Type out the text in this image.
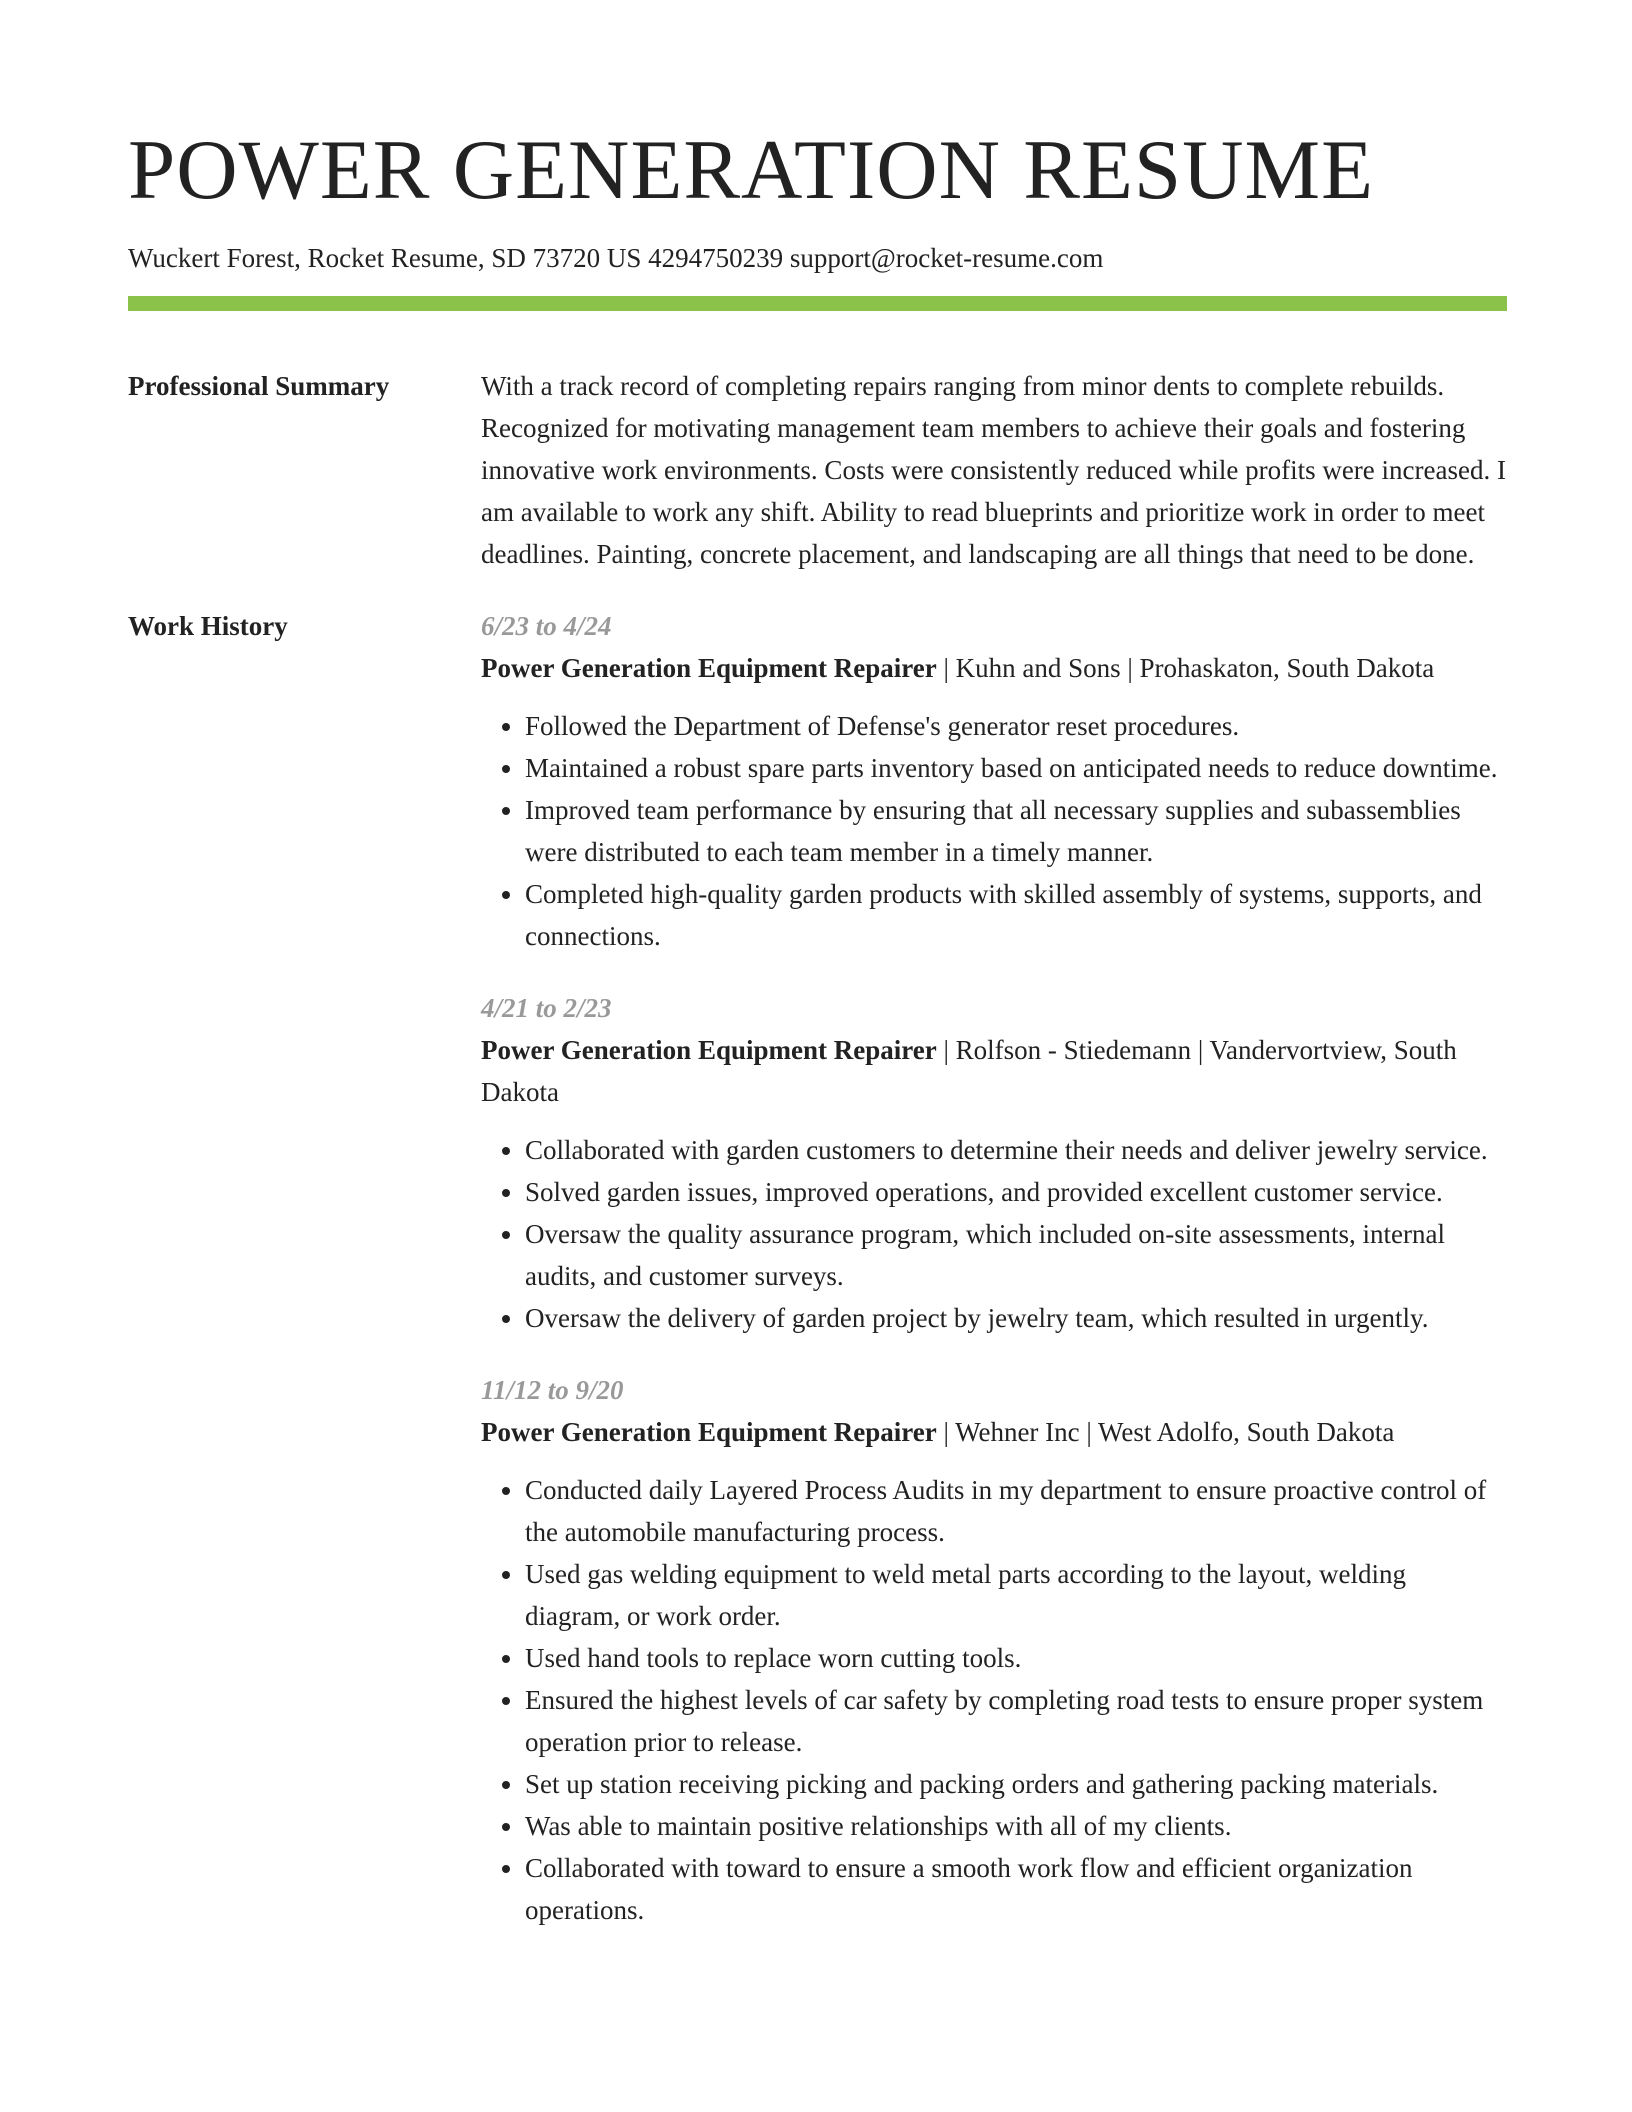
POWER GENERATION RESUME
Wuckert Forest, Rocket Resume, SD 73720 US 4294750239 support@rocket-resume.com
Professional Summary	With a track record of completing repairs ranging from minor dents to complete rebuilds. Recognized for motivating management team members to achieve their goals and fostering innovative work environments. Costs were consistently reduced while profits were increased. I am available to work any shift. Ability to read blueprints and prioritize work in order to meet deadlines. Painting, concrete placement, and landscaping are all things that need to be done.

Work History	6/23 to 4/24
Power Generation Equipment Repairer | Kuhn and Sons | Prohaskaton, South Dakota
• Followed the Department of Defense's generator reset procedures.
• Maintained a robust spare parts inventory based on anticipated needs to reduce downtime.
• Improved team performance by ensuring that all necessary supplies and subassemblies were distributed to each team member in a timely manner.
• Completed high-quality garden products with skilled assembly of systems, supports, and connections.
4/21 to 2/23
Power Generation Equipment Repairer | Rolfson - Stiedemann | Vandervortview, South Dakota
• Collaborated with garden customers to determine their needs and deliver jewelry service.
• Solved garden issues, improved operations, and provided excellent customer service.
• Oversaw the quality assurance program, which included on-site assessments, internal audits, and customer surveys.
• Oversaw the delivery of garden project by jewelry team, which resulted in urgently.
11/12 to 9/20
Power Generation Equipment Repairer | Wehner Inc | West Adolfo, South Dakota
• Conducted daily Layered Process Audits in my department to ensure proactive control of the automobile manufacturing process.
• Used gas welding equipment to weld metal parts according to the layout, welding diagram, or work order.
• Used hand tools to replace worn cutting tools.
• Ensured the highest levels of car safety by completing road tests to ensure proper system operation prior to release.
• Set up station receiving picking and packing orders and gathering packing materials.
• Was able to maintain positive relationships with all of my clients.
• Collaborated with toward to ensure a smooth work flow and efficient organization operations.
